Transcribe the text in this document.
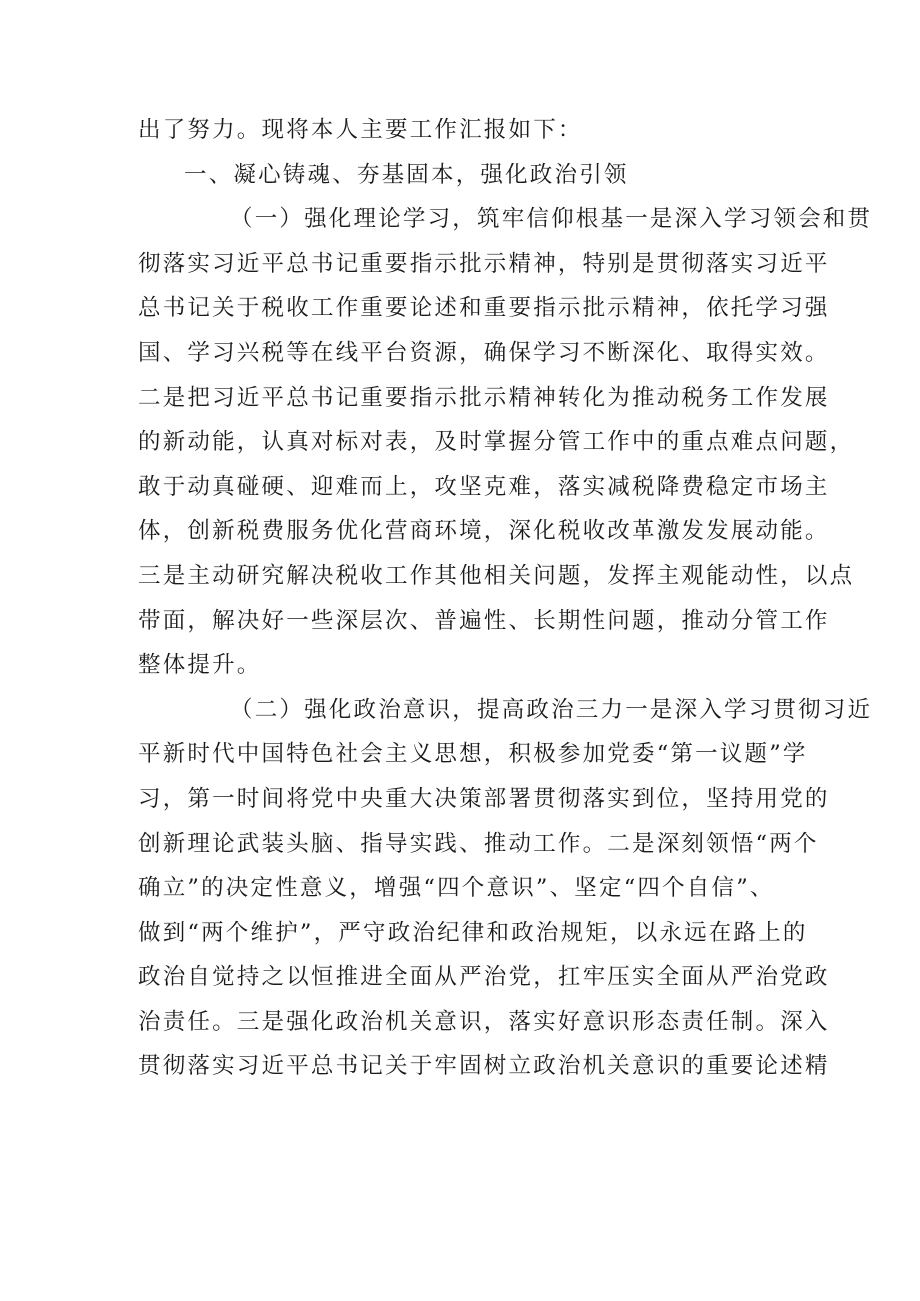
出了努力。现将本人主要工作汇报如下：
一、凝心铸魂、夯基固本，强化政治引领
（一）强化理论学习，筑牢信仰根基一是深入学习领会和贯
彻落实习近平总书记重要指示批示精神，特别是贯彻落实习近平
总书记关于税收工作重要论述和重要指示批示精神，依托学习强
国、学习兴税等在线平台资源，确保学习不断深化、取得实效。
二是把习近平总书记重要指示批示精神转化为推动税务工作发展
的新动能，认真对标对表，及时掌握分管工作中的重点难点问题，
敢于动真碰硬、迎难而上，攻坚克难，落实减税降费稳定市场主
体，创新税费服务优化营商环境，深化税收改革激发发展动能。
三是主动研究解决税收工作其他相关问题，发挥主观能动性，以点
带面，解决好一些深层次、普遍性、长期性问题，推动分管工作
整体提升。
（二）强化政治意识，提高政治三力一是深入学习贯彻习近
平新时代中国特色社会主义思想，积极参加党委“第一议题”学
习，第一时间将党中央重大决策部署贯彻落实到位，坚持用党的
创新理论武装头脑、指导实践、推动工作。二是深刻领悟“两个
确立”的决定性意义，增强“四个意识”、坚定“四个自信”、
做到“两个维护”，严守政治纪律和政治规矩，以永远在路上的
政治自觉持之以恒推进全面从严治党，扛牢压实全面从严治党政
治责任。三是强化政治机关意识，落实好意识形态责任制。深入
贯彻落实习近平总书记关于牢固树立政治机关意识的重要论述精
